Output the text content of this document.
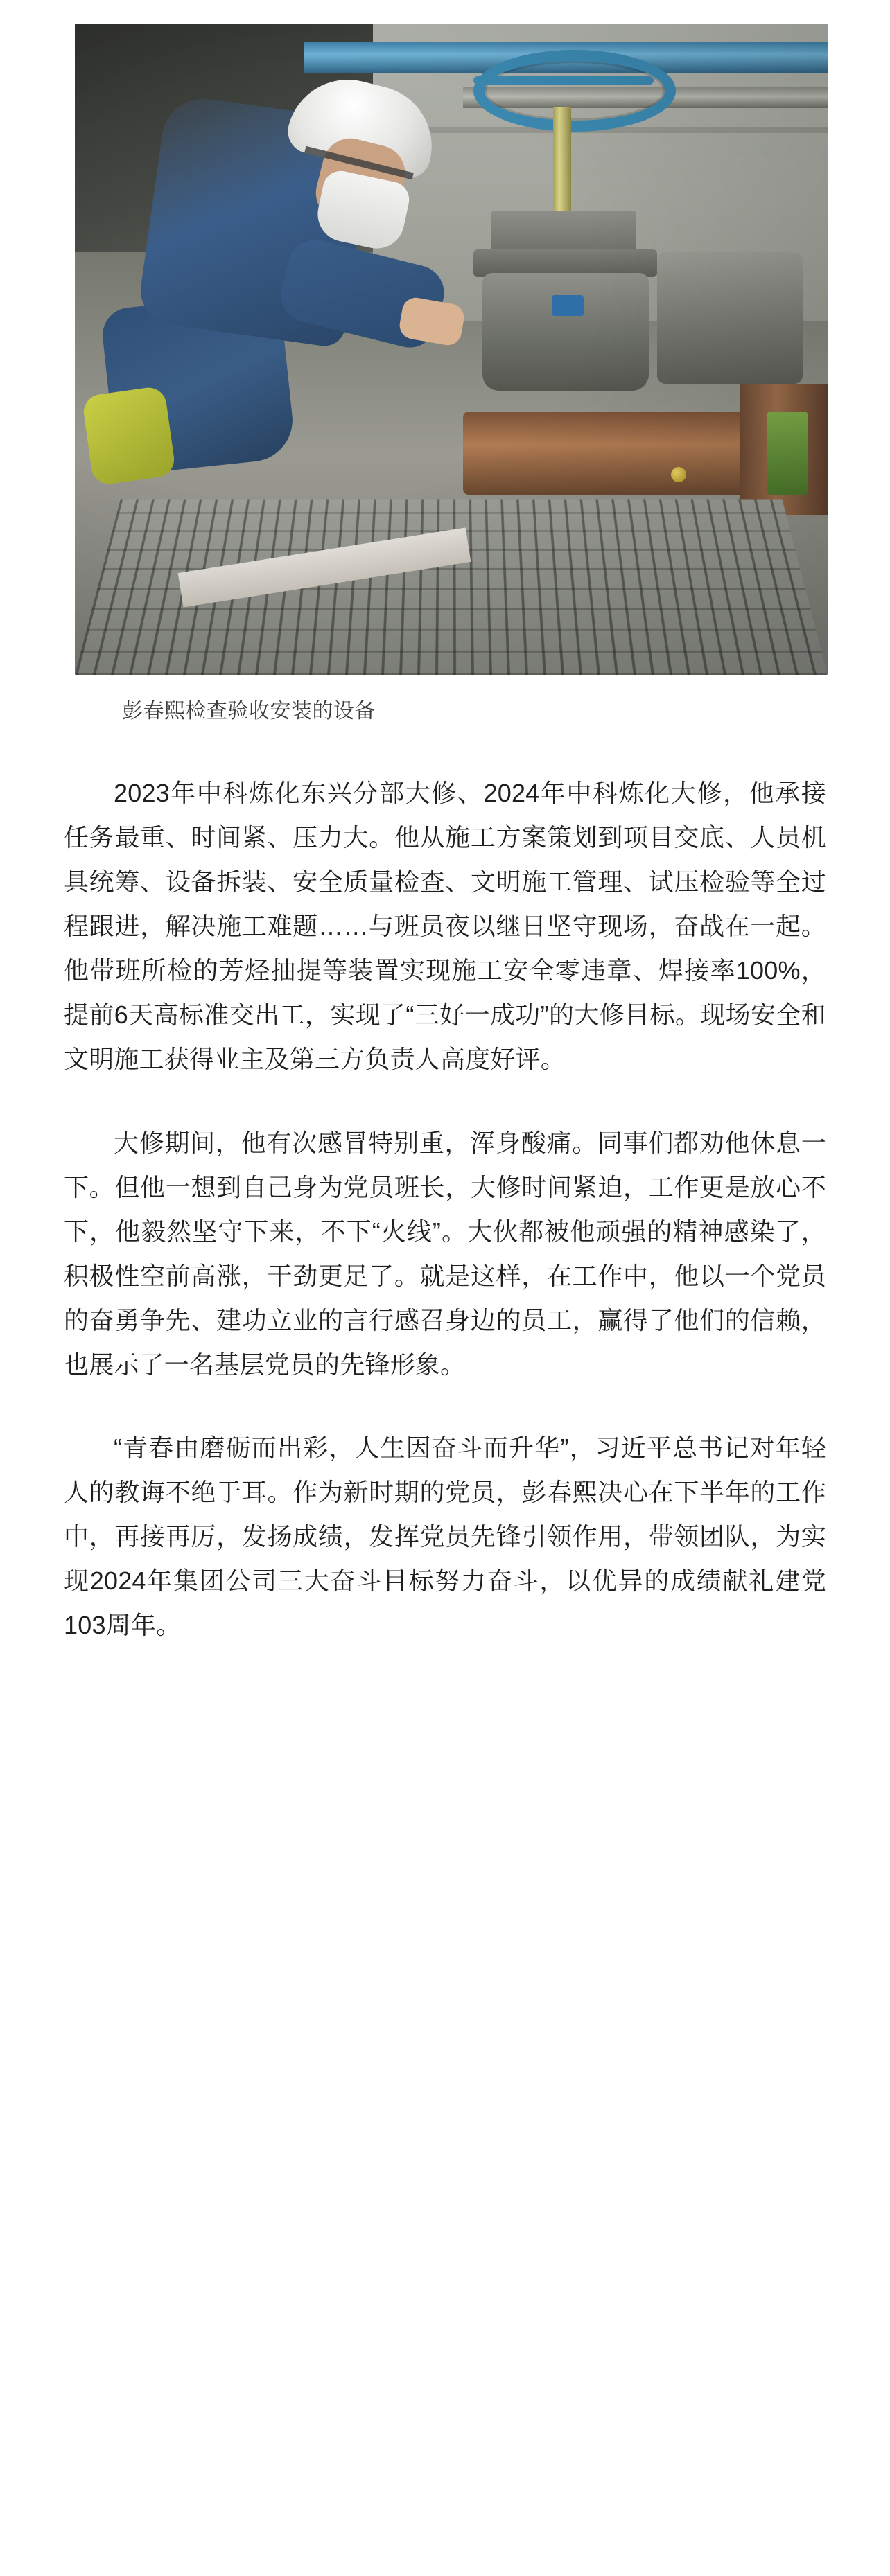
彭春熙检查验收安装的设备

2023年中科炼化东兴分部大修、2024年中科炼化大修，他承接任务最重、时间紧、压力大。他从施工方案策划到项目交底、人员机具统筹、设备拆装、安全质量检查、文明施工管理、试压检验等全过程跟进，解决施工难题……与班员夜以继日坚守现场，奋战在一起。他带班所检的芳烃抽提等装置实现施工安全零违章、焊接率100%，提前6天高标准交出工，实现了“三好一成功”的大修目标。现场安全和文明施工获得业主及第三方负责人高度好评。

大修期间，他有次感冒特别重，浑身酸痛。同事们都劝他休息一下。但他一想到自己身为党员班长，大修时间紧迫，工作更是放心不下，他毅然坚守下来，不下“火线”。大伙都被他顽强的精神感染了，积极性空前高涨，干劲更足了。就是这样，在工作中，他以一个党员的奋勇争先、建功立业的言行感召身边的员工，赢得了他们的信赖，也展示了一名基层党员的先锋形象。

“青春由磨砺而出彩，人生因奋斗而升华”，习近平总书记对年轻人的教诲不绝于耳。作为新时期的党员，彭春熙决心在下半年的工作中，再接再厉，发扬成绩，发挥党员先锋引领作用，带领团队，为实现2024年集团公司三大奋斗目标努力奋斗，以优异的成绩献礼建党103周年。
